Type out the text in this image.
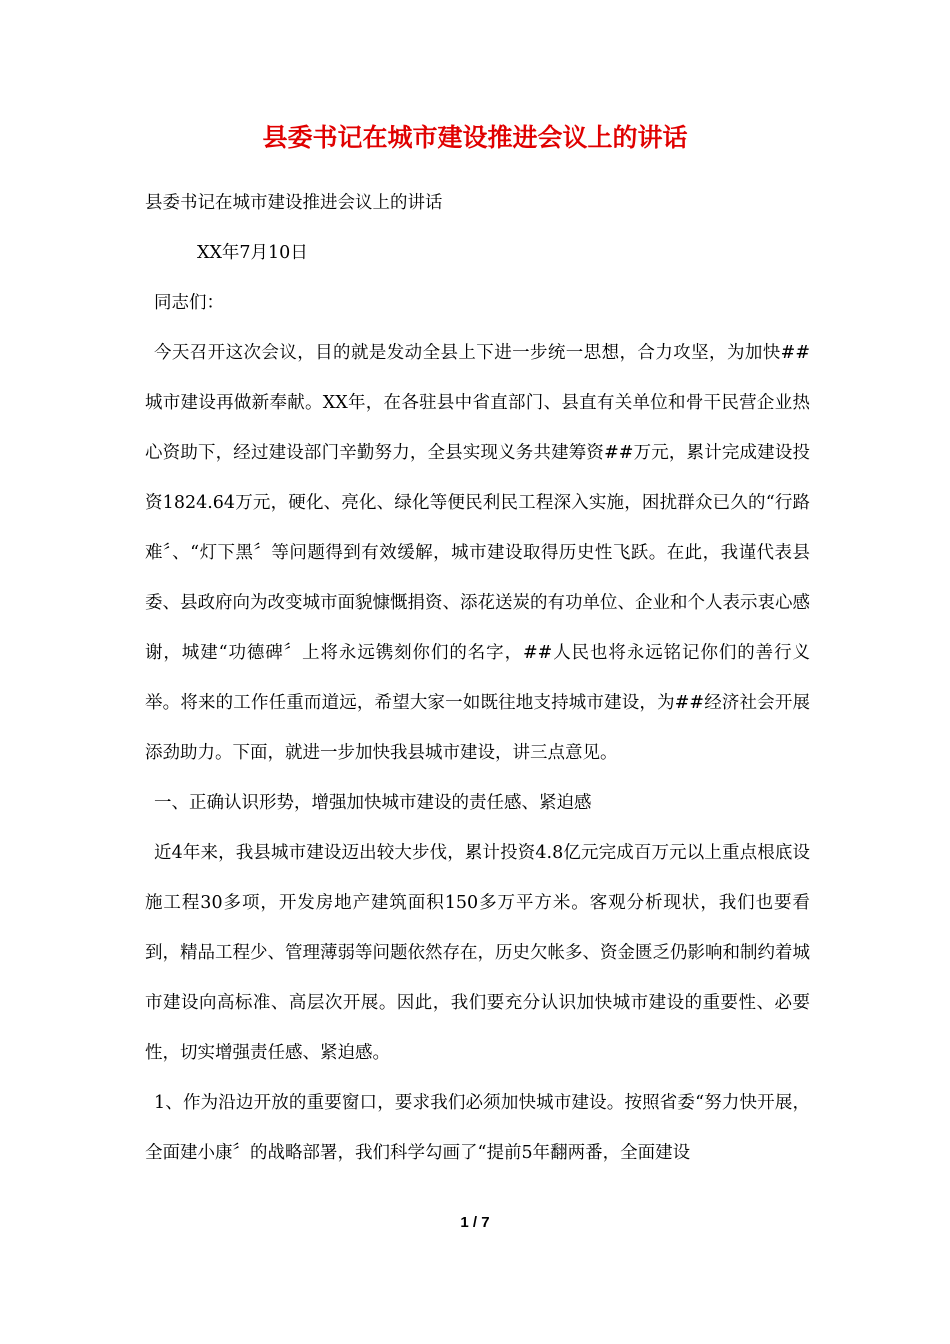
县委书记在城市建设推进会议上的讲话

县委书记在城市建设推进会议上的讲话

XX年7月10日

同志们：

今天召开这次会议，目的就是发动全县上下进一步统一思想，合力攻坚，为加快##城市建设再做新奉献。XX年，在各驻县中省直部门、县直有关单位和骨干民营企业热心资助下，经过建设部门辛勤努力，全县实现义务共建筹资##万元，累计完成建设投资1824.64万元，硬化、亮化、绿化等便民利民工程深入实施，困扰群众已久的“行路难〞、“灯下黑〞等问题得到有效缓解，城市建设取得历史性飞跃。在此，我谨代表县委、县政府向为改变城市面貌慷慨捐资、添花送炭的有功单位、企业和个人表示衷心感谢，城建“功德碑〞上将永远镌刻你们的名字，##人民也将永远铭记你们的善行义举。将来的工作任重而道远，希望大家一如既往地支持城市建设，为##经济社会开展添劲助力。下面，就进一步加快我县城市建设，讲三点意见。

一、正确认识形势，增强加快城市建设的责任感、紧迫感

近4年来，我县城市建设迈出较大步伐，累计投资4.8亿元完成百万元以上重点根底设施工程30多项，开发房地产建筑面积150多万平方米。客观分析现状，我们也要看到，精品工程少、管理薄弱等问题依然存在，历史欠帐多、资金匮乏仍影响和制约着城市建设向高标准、高层次开展。因此，我们要充分认识加快城市建设的重要性、必要性，切实增强责任感、紧迫感。

1、作为沿边开放的重要窗口，要求我们必须加快城市建设。按照省委“努力快开展，全面建小康〞的战略部署，我们科学勾画了“提前5年翻两番，全面建设

1 / 7
